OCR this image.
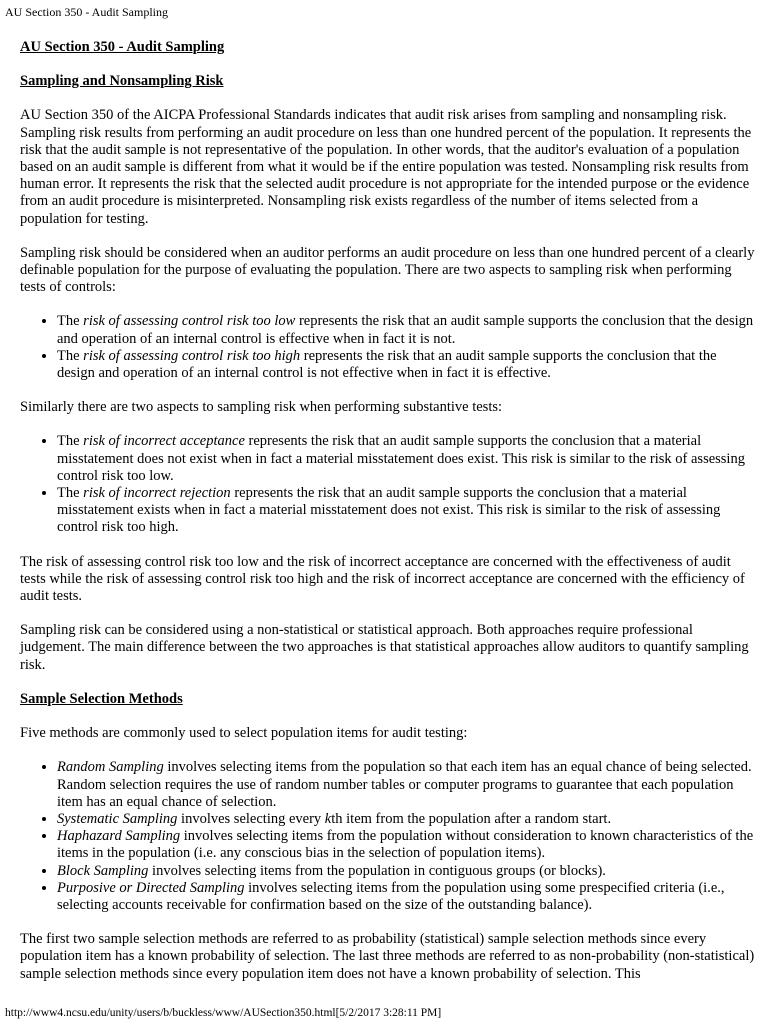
AU Section 350 - Audit Sampling
AU Section 350 - Audit Sampling
Sampling and Nonsampling Risk

AU Section 350 of the AICPA Professional Standards indicates that audit risk arises from sampling and nonsampling risk. Sampling risk results from performing an audit procedure on less than one hundred percent of the population. It represents the risk that the audit sample is not representative of the population. In other words, that the auditor's evaluation of a population based on an audit sample is different from what it would be if the entire population was tested. Nonsampling risk results from human error. It represents the risk that the selected audit procedure is not appropriate for the intended purpose or the evidence from an audit procedure is misinterpreted. Nonsampling risk exists regardless of the number of items selected from a population for testing.

Sampling risk should be considered when an auditor performs an audit procedure on less than one hundred percent of a clearly definable population for the purpose of evaluating the population. There are two aspects to sampling risk when performing tests of controls:

• The risk of assessing control risk too low represents the risk that an audit sample supports the conclusion that the design and operation of an internal control is effective when in fact it is not.
• The risk of assessing control risk too high represents the risk that an audit sample supports the conclusion that the design and operation of an internal control is not effective when in fact it is effective.

Similarly there are two aspects to sampling risk when performing substantive tests:

• The risk of incorrect acceptance represents the risk that an audit sample supports the conclusion that a material misstatement does not exist when in fact a material misstatement does exist. This risk is similar to the risk of assessing control risk too low.
• The risk of incorrect rejection represents the risk that an audit sample supports the conclusion that a material misstatement exists when in fact a material misstatement does not exist. This risk is similar to the risk of assessing control risk too high.

The risk of assessing control risk too low and the risk of incorrect acceptance are concerned with the effectiveness of audit tests while the risk of assessing control risk too high and the risk of incorrect acceptance are concerned with the efficiency of audit tests.

Sampling risk can be considered using a non-statistical or statistical approach. Both approaches require professional judgement. The main difference between the two approaches is that statistical approaches allow auditors to quantify sampling risk.

Sample Selection Methods

Five methods are commonly used to select population items for audit testing:

• Random Sampling involves selecting items from the population so that each item has an equal chance of being selected. Random selection requires the use of random number tables or computer programs to guarantee that each population item has an equal chance of selection.
• Systematic Sampling involves selecting every kth item from the population after a random start.
• Haphazard Sampling involves selecting items from the population without consideration to known characteristics of the items in the population (i.e. any conscious bias in the selection of population items).
• Block Sampling involves selecting items from the population in contiguous groups (or blocks).
• Purposive or Directed Sampling involves selecting items from the population using some prespecified criteria (i.e., selecting accounts receivable for confirmation based on the size of the outstanding balance).

The first two sample selection methods are referred to as probability (statistical) sample selection methods since every population item has a known probability of selection. The last three methods are referred to as non-probability (non-statistical) sample selection methods since every population item does not have a known probability of selection. This

http://www4.ncsu.edu/unity/users/b/buckless/www/AUSection350.html[5/2/2017 3:28:11 PM]
